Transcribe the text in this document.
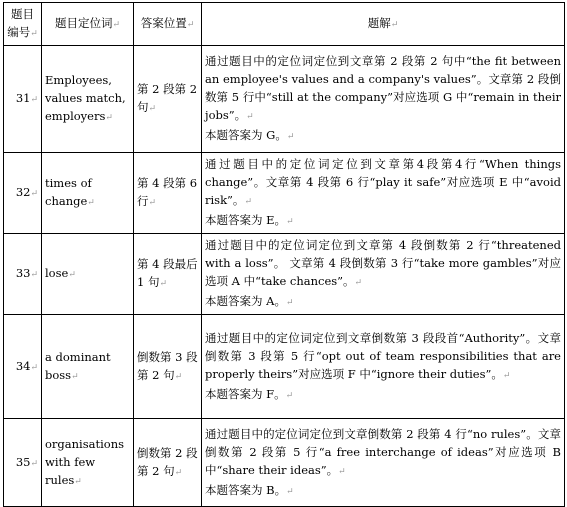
题目
编号↵	题目定位词↵	答案位置↵	题解↵
31↵	Employees, values match, employers↵	第 2 段第 2 句↵	通过题目中的定位词定位到文章第 2 段第 2 句中“the fit between an employee's values and a company's values”。文章第 2 段倒数第 5 行中“still at the company”对应选项 G 中“remain in their jobs”。↵
本题答案为 G。↵

32↵	times of change↵	第 4 段第 6 行↵	通过题目中的定位词定位到文章第4段第4行“When things change”。文章第 4 段第 6 行“play it safe”对应选项 E 中“avoid risk”。↵
本题答案为 E。↵

33↵	lose↵	第 4 段最后 1 句↵	通过题目中的定位词定位到文章第 4 段倒数第 2 行“threatened with a loss”。 文章第 4 段倒数第 3 行“take more gambles”对应选项 A 中“take chances”。↵
本题答案为 A。↵

34↵	a dominant boss↵	倒数第 3 段第 2 句↵	通过题目中的定位词定位到文章倒数第 3 段段首“Authority”。文章倒数第 3 段第 5 行“opt out of team responsibilities that are properly theirs”对应选项 F 中“ignore their duties”。↵
本题答案为 F。↵

35↵	organisations with few rules↵	倒数第 2 段第 2 句↵	通过题目中的定位词定位到文章倒数第 2 段第 4 行“no rules”。文章倒数第 2 段第 5 行“a free interchange of ideas”对应选项 B 中“share their ideas”。↵
本题答案为 B。↵
